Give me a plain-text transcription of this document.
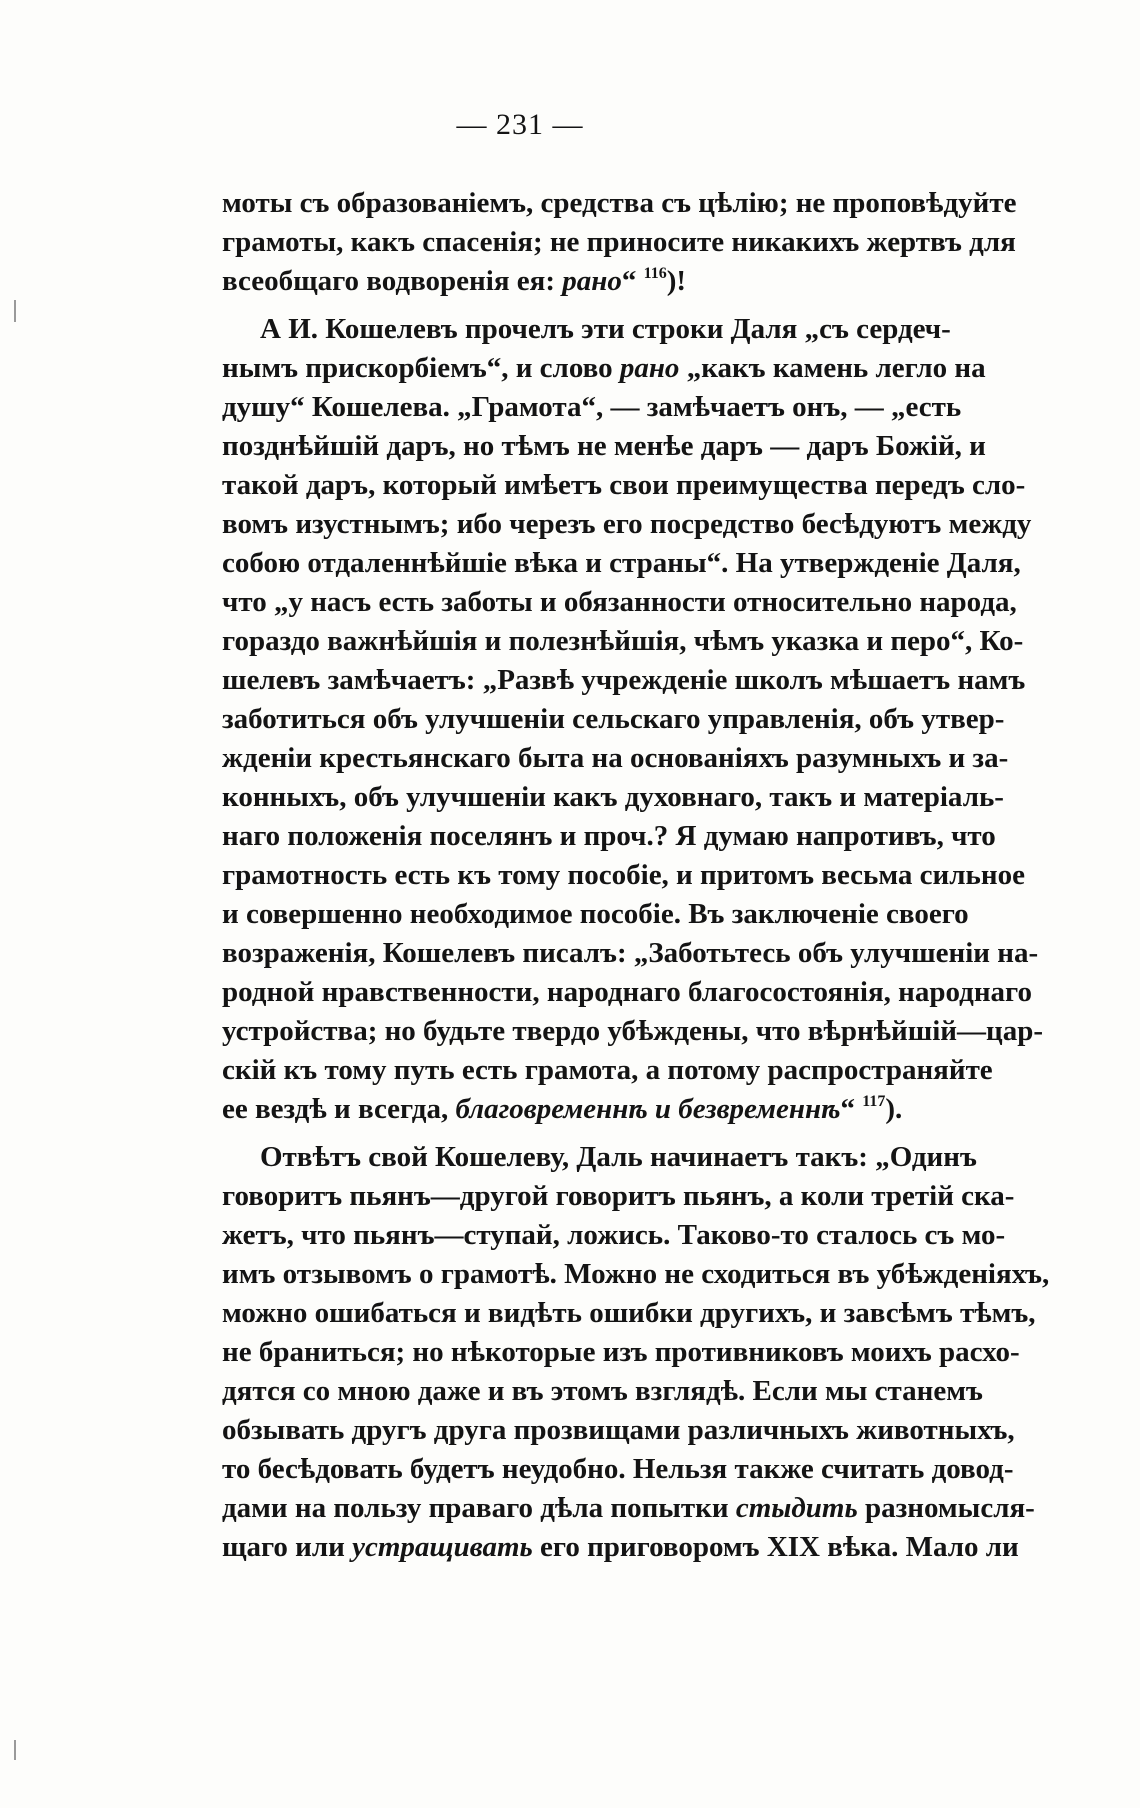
— 231 —
моты съ образованіемъ, средства съ цѣлію; не проповѣдуйте
грамоты, какъ спасенія; не приносите никакихъ жертвъ для
всеобщаго водворенія ея: рано“ $^{116}$)!
А И. Кошелевъ прочелъ эти строки Даля „съ сердеч-
нымъ прискорбіемъ“, и слово рано „какъ камень легло на
душу“ Кошелева. „Грамота“, — замѣчаетъ онъ, — „есть
позднѣйшій даръ, но тѣмъ не менѣе даръ — даръ Божій, и
такой даръ, который имѣетъ свои преимущества передъ сло-
вомъ изустнымъ; ибо черезъ его посредство бесѣдуютъ между
собою отдаленнѣйшіе вѣка и страны“. На утвержденіе Даля,
что „у насъ есть заботы и обязанности относительно народа,
гораздо важнѣйшія и полезнѣйшія, чѣмъ указка и перо“, Ко-
шелевъ замѣчаетъ: „Развѣ учрежденіе школъ мѣшаетъ намъ
заботиться объ улучшеніи сельскаго управленія, объ утвер-
жденіи крестьянскаго быта на основаніяхъ разумныхъ и за-
конныхъ, объ улучшеніи какъ духовнаго, такъ и матеріаль-
наго положенія поселянъ и проч.? Я думаю напротивъ, что
грамотность есть къ тому пособіе, и притомъ весьма сильное
и совершенно необходимое пособіе. Въ заключеніе своего
возраженія, Кошелевъ писалъ: „Заботьтесь объ улучшеніи на-
родной нравственности, народнаго благосостоянія, народнаго
устройства; но будьте твердо убѣждены, что вѣрнѣйшій—цар-
скій къ тому путь есть грамота, а потому распространяйте
ее вездѣ и всегда, благовременнѣ и безвременнѣ“ $^{117}$).
Отвѣтъ свой Кошелеву, Даль начинаетъ такъ: „Одинъ
говоритъ пьянъ—другой говоритъ пьянъ, а коли третій ска-
жетъ, что пьянъ—ступай, ложись. Таково-то сталось съ мо-
имъ отзывомъ о грамотѣ. Можно не сходиться въ убѣжденіяхъ,
можно ошибаться и видѣть ошибки другихъ, и завсѣмъ тѣмъ,
не браниться; но нѣкоторые изъ противниковъ моихъ расхо-
дятся со мною даже и въ этомъ взглядѣ. Если мы станемъ
обзывать другъ друга прозвищами различныхъ животныхъ,
то бесѣдовать будетъ неудобно. Нельзя также считать довод-
дами на пользу праваго дѣла попытки стыдить разномысля-
щаго или устращивать его приговоромъ XIX вѣка. Мало ли
